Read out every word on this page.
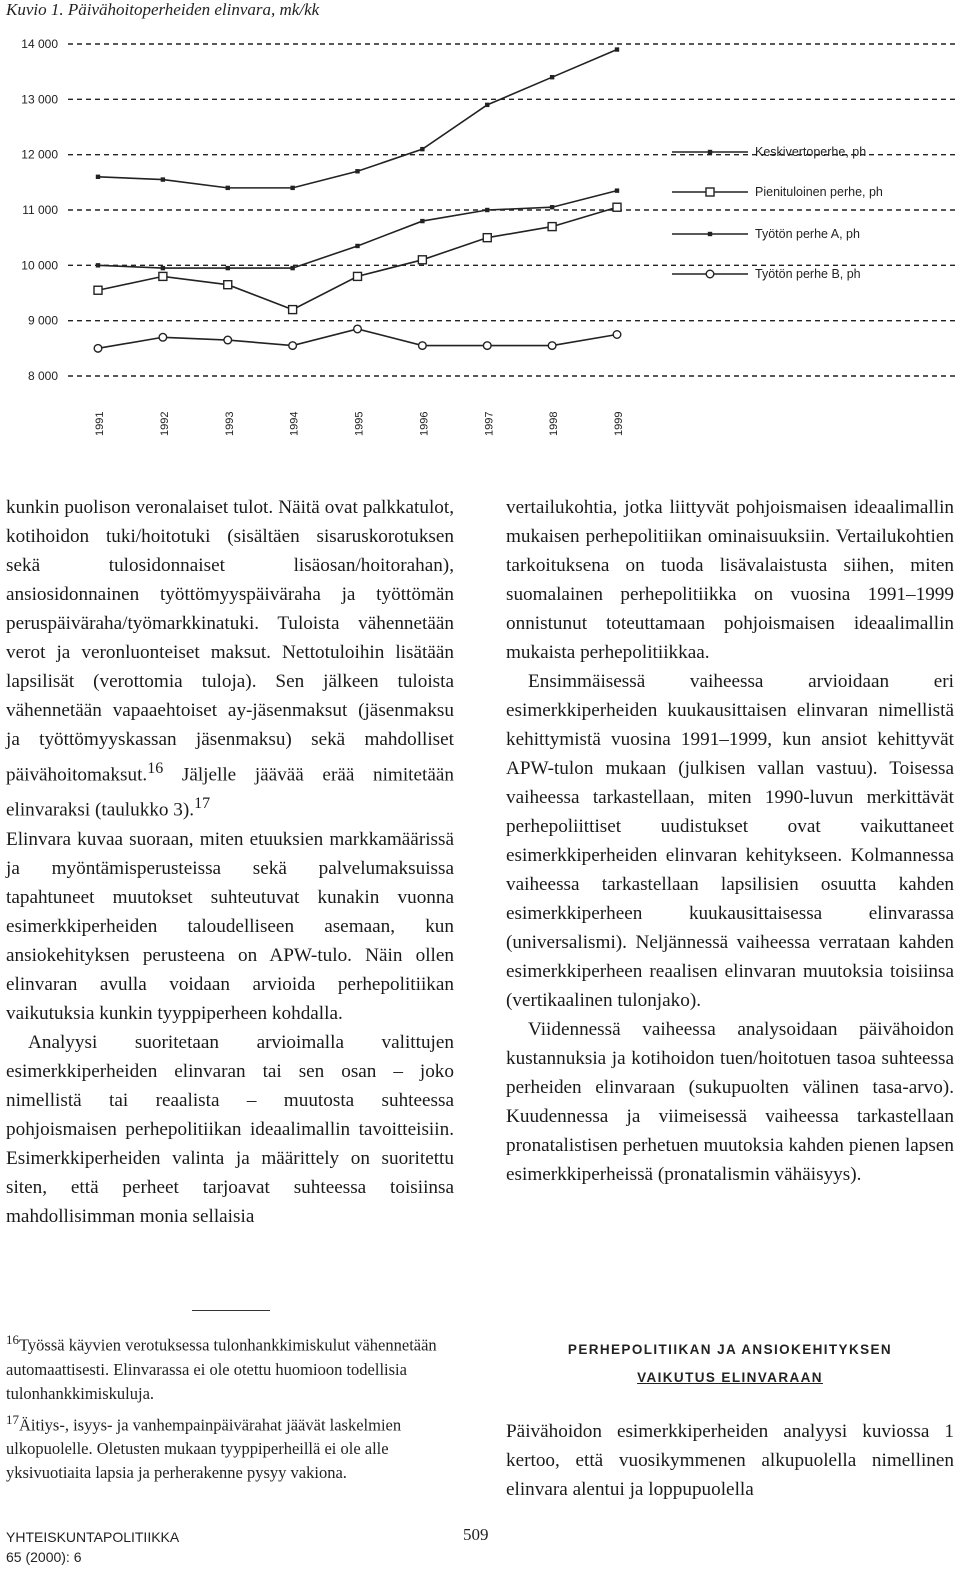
Kuvio 1. Päivähoitoperheiden elinvara, mk/kk
8 000
9 000
10 000
11 000
12 000
13 000
14 000
1991	1992	1993	1994	1995	1996	1997	1998	1999
Keskivertoperhe, ph
Pienituloinen perhe, ph
Työtön perhe A, ph
Työtön perhe B, ph

kunkin puolison veronalaiset tulot. Näitä ovat palkkatulot, kotihoidon tuki/hoitotuki (sisältäen sisaruskorotuksen sekä tulosidonnaiset lisäosan/hoitorahan), ansiosidonnainen työttömyyspäiväraha ja työttömän peruspäiväraha/työmarkkinatuki. Tuloista vähennetään verot ja veronluonteiset maksut. Nettotuloihin lisätään lapsilisät (verottomia tuloja). Sen jälkeen tuloista vähennetään vapaaehtoiset ay-jäsenmaksut (jäsenmaksu ja työttömyyskassan jäsenmaksu) sekä mahdolliset päivähoitomaksut.$^{16}$ Jäljelle jäävää erää nimitetään elinvaraksi (taulukko 3).$^{17}$

Elinvara kuvaa suoraan, miten etuuksien markkamäärissä ja myöntämisperusteissa sekä palvelumaksuissa tapahtuneet muutokset suhteutuvat kunakin vuonna esimerkkiperheiden taloudelliseen asemaan, kun ansiokehityksen perusteena on APW-tulo. Näin ollen elinvaran avulla voidaan arvioida perhepolitiikan vaikutuksia kunkin tyyppiperheen kohdalla.

Analyysi suoritetaan arvioimalla valittujen esimerkkiperheiden elinvaran tai sen osan – joko nimellistä tai reaalista – muutosta suhteessa pohjoismaisen perhepolitiikan ideaalimallin tavoitteisiin. Esimerkkiperheiden valinta ja määrittely on suoritettu siten, että perheet tarjoavat suhteessa toisiinsa mahdollisimman monia sellaisia

vertailukohtia, jotka liittyvät pohjoismaisen ideaalimallin mukaisen perhepolitiikan ominaisuuksiin. Vertailukohtien tarkoituksena on tuoda lisävalaistusta siihen, miten suomalainen perhepolitiikka on vuosina 1991–1999 onnistunut toteuttamaan pohjoismaisen ideaalimallin mukaista perhepolitiikkaa.

Ensimmäisessä vaiheessa arvioidaan eri esimerkkiperheiden kuukausittaisen elinvaran nimellistä kehittymistä vuosina 1991–1999, kun ansiot kehittyvät APW-tulon mukaan (julkisen vallan vastuu). Toisessa vaiheessa tarkastellaan, miten 1990-luvun merkittävät perhepoliittiset uudistukset ovat vaikuttaneet esimerkkiperheiden elinvaran kehitykseen. Kolmannessa vaiheessa tarkastellaan lapsilisien osuutta kahden esimerkkiperheen kuukausittaisessa elinvarassa (universalismi). Neljännessä vaiheessa verrataan kahden esimerkkiperheen reaalisen elinvaran muutoksia toisiinsa (vertikaalinen tulonjako).

Viidennessä vaiheessa analysoidaan päivähoidon kustannuksia ja kotihoidon tuen/hoitotuen tasoa suhteessa perheiden elinvaraan (sukupuolten välinen tasa-arvo). Kuudennessa ja viimeisessä vaiheessa tarkastellaan pronatalistisen perhetuen muutoksia kahden pienen lapsen esimerkkiperheissä (pronatalismin vähäisyys).

$^{16}$Työssä käyvien verotuksessa tulonhankkimiskulut vähennetään automaattisesti. Elinvarassa ei ole otettu huomioon todellisia tulonhankkimiskuluja.

$^{17}$Äitiys-, isyys- ja vanhempainpäivärahat jäävät laskelmien ulkopuolelle. Oletusten mukaan tyyppiperheillä ei ole alle yksivuotiaita lapsia ja perherakenne pysyy vakiona.

PERHEPOLITIIKAN JA ANSIOKEHITYKSEN
VAIKUTUS ELINVARAAN

Päivähoidon esimerkkiperheiden analyysi kuviossa 1 kertoo, että vuosikymmenen alkupuolella nimellinen elinvara alentui ja loppupuolella

YHTEISKUNTAPOLITIIKKA
65 (2000): 6
509
